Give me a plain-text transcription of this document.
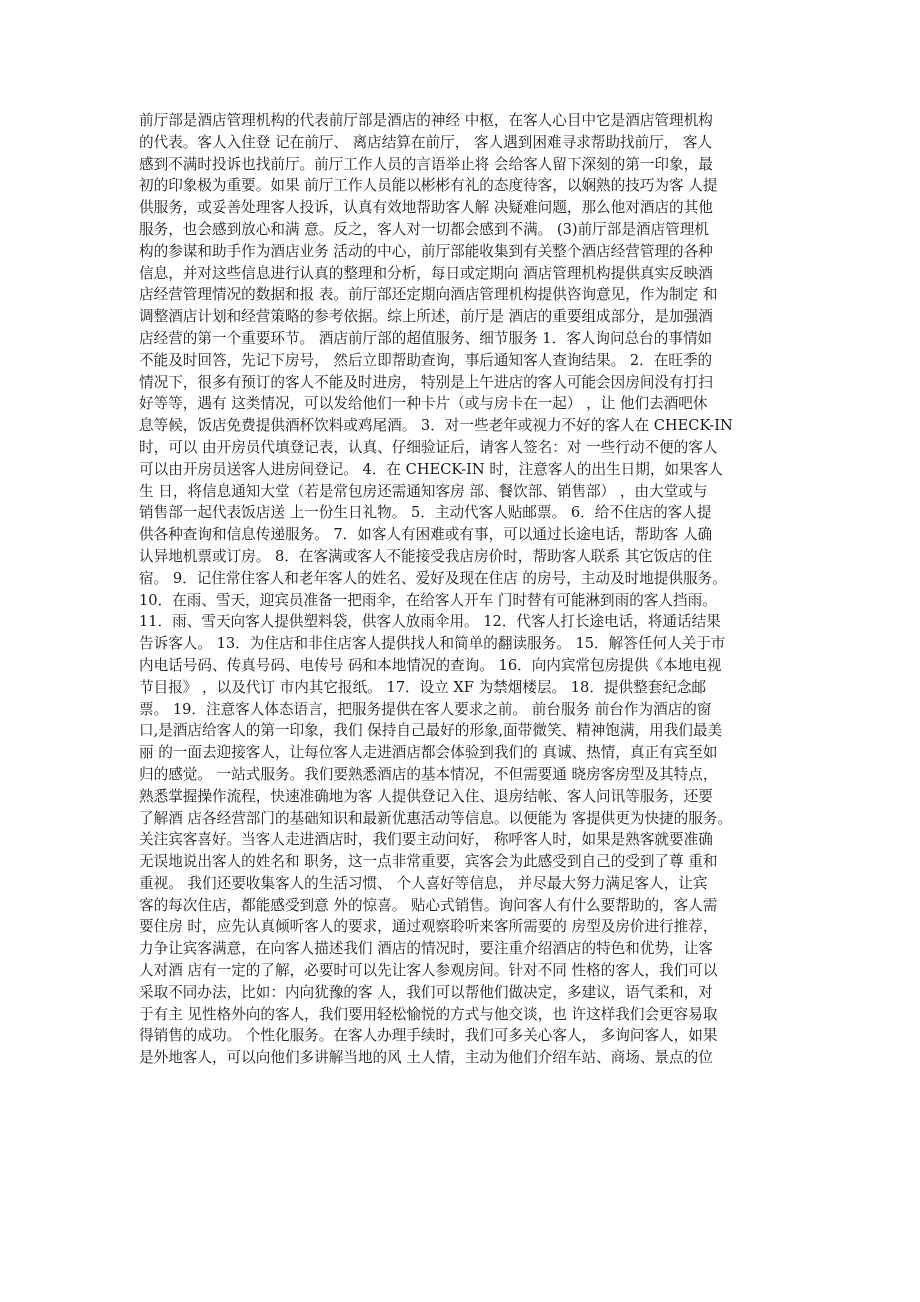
前厅部是酒店管理机构的代表前厅部是酒店的神经 中枢，在客人心目中它是酒店管理机构
的代表。客人入住登 记在前厅、 离店结算在前厅， 客人遇到困难寻求帮助找前厅， 客人
感到不满时投诉也找前厅。前厅工作人员的言语举止将 会给客人留下深刻的第一印象，最
初的印象极为重要。如果 前厅工作人员能以彬彬有礼的态度待客，以娴熟的技巧为客 人提
供服务，或妥善处理客人投诉，认真有效地帮助客人解 决疑难问题，那么他对酒店的其他
服务，也会感到放心和满 意。反之，客人对一切都会感到不满。 (3)前厅部是酒店管理机
构的参谋和助手作为酒店业务 活动的中心，前厅部能收集到有关整个酒店经营管理的各种
信息，并对这些信息进行认真的整理和分析，每日或定期向 酒店管理机构提供真实反映酒
店经营管理情况的数据和报 表。前厅部还定期向酒店管理机构提供咨询意见，作为制定 和
调整酒店计划和经营策略的参考依据。综上所述，前厅是 酒店的重要组成部分，是加强酒
店经营的第一个重要环节。 酒店前厅部的超值服务、细节服务 1．客人询问总台的事情如
不能及时回答，先记下房号， 然后立即帮助查询，事后通知客人查询结果。 2．在旺季的
情况下，很多有预订的客人不能及时进房， 特别是上午进店的客人可能会因房间没有打扫
好等等，遇有 这类情况，可以发给他们一种卡片（或与房卡在一起） ，让 他们去酒吧休
息等候，饭店免费提供酒杯饮料或鸡尾酒。 3．对一些老年或视力不好的客人在 CHECK-IN
时，可以 由开房员代填登记表，认真、仔细验证后，请客人签名：对 一些行动不便的客人
可以由开房员送客人进房间登记。 4．在 CHECK-IN 时，注意客人的出生日期，如果客人
生 日，将信息通知大堂（若是常包房还需通知客房 部、餐饮部、销售部） ，由大堂或与
销售部一起代表饭店送 上一份生日礼物。 5．主动代客人贴邮票。 6．给不住店的客人提
供各种查询和信息传递服务。 7．如客人有困难或有事，可以通过长途电话，帮助客 人确
认异地机票或订房。 8．在客满或客人不能接受我店房价时，帮助客人联系 其它饭店的住
宿。 9．记住常住客人和老年客人的姓名、爱好及现在住店 的房号，主动及时地提供服务。
10．在雨、雪天，迎宾员准备一把雨伞，在给客人开车 门时替有可能淋到雨的客人挡雨。
11．雨、雪天向客人提供塑料袋，供客人放雨伞用。 12．代客人打长途电话，将通话结果
告诉客人。 13．为住店和非住店客人提供找人和简单的翻读服务。 15．解答任何人关于市
内电话号码、传真号码、电传号 码和本地情况的查询。 16．向内宾常包房提供《本地电视
节目报》 ，以及代订 市内其它报纸。 17．设立 XF 为禁烟楼层。 18．提供整套纪念邮
票。 19．注意客人体态语言，把服务提供在客人要求之前。 前台服务 前台作为酒店的窗
口,是酒店给客人的第一印象，我们 保持自己最好的形象,面带微笑、精神饱满，用我们最美
丽 的一面去迎接客人，让每位客人走进酒店都会体验到我们的 真诚、热情，真正有宾至如
归的感觉。 一站式服务。我们要熟悉酒店的基本情况，不但需要通 晓房客房型及其特点，
熟悉掌握操作流程，快速准确地为客 人提供登记入住、退房结帐、客人问讯等服务，还要
了解酒 店各经营部门的基础知识和最新优惠活动等信息。以便能为 客提供更为快捷的服务。
关注宾客喜好。当客人走进酒店时，我们要主动问好， 称呼客人时，如果是熟客就要准确
无误地说出客人的姓名和 职务，这一点非常重要，宾客会为此感受到自己的受到了尊 重和
重视。 我们还要收集客人的生活习惯、 个人喜好等信息， 并尽最大努力满足客人，让宾
客的每次住店，都能感受到意 外的惊喜。 贴心式销售。询问客人有什么要帮助的，客人需
要住房 时，应先认真倾听客人的要求，通过观察聆听来客所需要的 房型及房价进行推荐，
力争让宾客满意，在向客人描述我们 酒店的情况时，要注重介绍酒店的特色和优势，让客
人对酒 店有一定的了解，必要时可以先让客人参观房间。针对不同 性格的客人，我们可以
采取不同办法，比如：内向犹豫的客 人，我们可以帮他们做决定，多建议，语气柔和，对
于有主 见性格外向的客人，我们要用轻松愉悦的方式与他交谈，也 许这样我们会更容易取
得销售的成功。 个性化服务。在客人办理手续时，我们可多关心客人， 多询问客人，如果
是外地客人，可以向他们多讲解当地的风 土人情，主动为他们介绍车站、商场、景点的位
